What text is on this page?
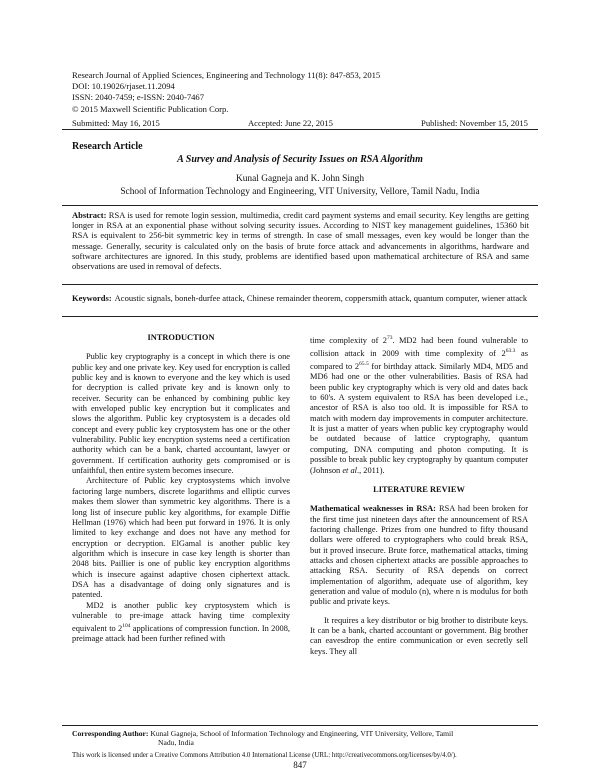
Research Journal of Applied Sciences, Engineering and Technology 11(8): 847-853, 2015
DOI: 10.19026/rjaset.11.2094
ISSN: 2040-7459; e-ISSN: 2040-7467
© 2015 Maxwell Scientific Publication Corp.
Submitted: May 16, 2015	Accepted: June 22, 2015	Published: November 15, 2015
Research Article
A Survey and Analysis of Security Issues on RSA Algorithm
Kunal Gagneja and K. John Singh
School of Information Technology and Engineering, VIT University, Vellore, Tamil Nadu, India
Abstract: RSA is used for remote login session, multimedia, credit card payment systems and email security. Key lengths are getting longer in RSA at an exponential phase without solving security issues. According to NIST key management guidelines, 15360 bit RSA is equivalent to 256-bit symmetric key in terms of strength. In case of small messages, even key would be longer than the message. Generally, security is calculated only on the basis of brute force attack and advancements in algorithms, hardware and software architectures are ignored. In this study, problems are identified based upon mathematical architecture of RSA and same observations are used in removal of defects.
Keywords: Acoustic signals, boneh-durfee attack, Chinese remainder theorem, coppersmith attack, quantum computer, wiener attack

INTRODUCTION

Public key cryptography is a concept in which there is one public key and one private key. Key used for encryption is called public key and is known to everyone and the key which is used for decryption is called private key and is known only to receiver. Security can be enhanced by combining public key with enveloped public key encryption but it complicates and slows the algorithm. Public key cryptosystem is a decades old concept and every public key cryptosystem has one or the other vulnerability. Public key encryption systems need a certification authority which can be a bank, charted accountant, lawyer or government. If certification authority gets compromised or is unfaithful, then entire system becomes insecure.

Architecture of Public key cryptosystems which involve factoring large numbers, discrete logarithms and elliptic curves makes them slower than symmetric key algorithms. There is a long list of insecure public key algorithms, for example Diffie Hellman (1976) which had been put forward in 1976. It is only limited to key exchange and does not have any method for encryption or decryption. ElGamal is another public key algorithm which is insecure in case key length is shorter than 2048 bits. Paillier is one of public key encryption algorithms which is insecure against adaptive chosen ciphertext attack. DSA has a disadvantage of doing only signatures and is patented.

MD2 is another public key cryptosystem which is vulnerable to pre-image attack having time complexity equivalent to $2^{104}$ applications of compression function. In 2008, preimage attack had been further refined with

time complexity of $2^{73}$. MD2 had been found vulnerable to collision attack in 2009 with time complexity of $2^{63.3}$ as compared to $2^{65.5}$ for birthday attack. Similarly MD4, MD5 and MD6 had one or the other vulnerabilities. Basis of RSA had been public key cryptography which is very old and dates back to 60's. A system equivalent to RSA has been developed i.e., ancestor of RSA is also too old. It is impossible for RSA to match with modern day improvements in computer architecture. It is just a matter of years when public key cryptography would be outdated because of lattice cryptography, quantum computing, DNA computing and photon computing. It is possible to break public key cryptography by quantum computer (Johnson et al., 2011).

LITERATURE REVIEW

Mathematical weaknesses in RSA: RSA had been broken for the first time just nineteen days after the announcement of RSA factoring challenge. Prizes from one hundred to fifty thousand dollars were offered to cryptographers who could break RSA, but it proved insecure. Brute force, mathematical attacks, timing attacks and chosen ciphertext attacks are possible approaches to attacking RSA. Security of RSA depends on correct implementation of algorithm, adequate use of algorithm, key generation and value of modulo (n), where n is modulus for both public and private keys.

It requires a key distributor or big brother to distribute keys. It can be a bank, charted accountant or government. Big brother can eavesdrop the entire communication or even secretly sell keys. They all

Corresponding Author: Kunal Gagneja, School of Information Technology and Engineering, VIT University, Vellore, Tamil
Nadu, India
This work is licensed under a Creative Commons Attribution 4.0 International License (URL: http://creativecommons.org/licenses/by/4.0/).
847
